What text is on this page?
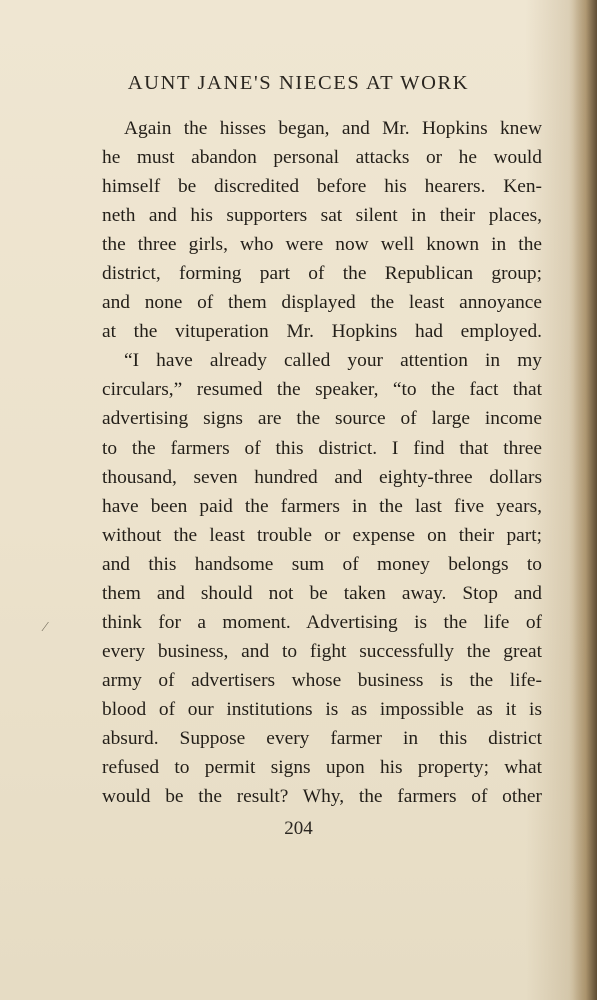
AUNT JANE'S NIECES AT WORK
Again the hisses began, and Mr. Hopkins knew
he must abandon personal attacks or he would
himself be discredited before his hearers. Ken-
neth and his supporters sat silent in their places,
the three girls, who were now well known in the
district, forming part of the Republican group;
and none of them displayed the least annoyance
at the vituperation Mr. Hopkins had employed.
“I have already called your attention in my
circulars,” resumed the speaker, “to the fact that
advertising signs are the source of large income
to the farmers of this district. I find that three
thousand, seven hundred and eighty-three dollars
have been paid the farmers in the last five years,
without the least trouble or expense on their part;
and this handsome sum of money belongs to
them and should not be taken away. Stop and
think for a moment. Advertising is the life of
every business, and to fight successfully the great
army of advertisers whose business is the life-
blood of our institutions is as impossible as it is
absurd. Suppose every farmer in this district
refused to permit signs upon his property; what
would be the result? Why, the farmers of other
204
⁄
